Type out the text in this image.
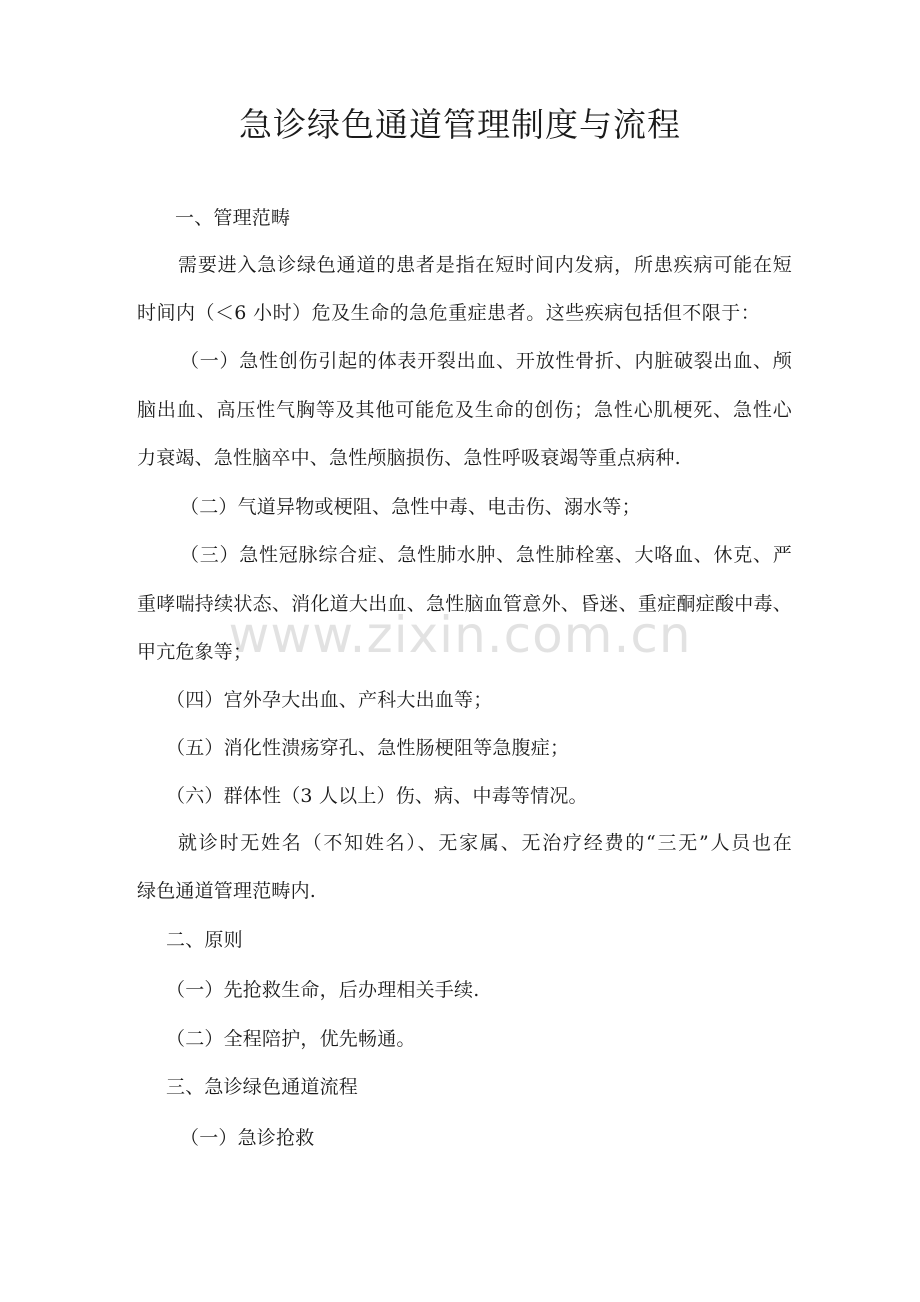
急诊绿色通道管理制度与流程
一、管理范畴
需要进入急诊绿色通道的患者是指在短时间内发病，所患疾病可能在短
时间内（＜6 小时）危及生命的急危重症患者。这些疾病包括但不限于：
（一）急性创伤引起的体表开裂出血、开放性骨折、内脏破裂出血、颅
脑出血、高压性气胸等及其他可能危及生命的创伤；急性心肌梗死、急性心
力衰竭、急性脑卒中、急性颅脑损伤、急性呼吸衰竭等重点病种.
（二）气道异物或梗阻、急性中毒、电击伤、溺水等；
（三）急性冠脉综合症、急性肺水肿、急性肺栓塞、大咯血、休克、严
重哮喘持续状态、消化道大出血、急性脑血管意外、昏迷、重症酮症酸中毒、
甲亢危象等；
（四）宫外孕大出血、产科大出血等；
（五）消化性溃疡穿孔、急性肠梗阻等急腹症；
（六）群体性（3 人以上）伤、病、中毒等情况。
就诊时无姓名（不知姓名）、无家属、无治疗经费的“三无”人员也在
绿色通道管理范畴内.
二、原则
（一）先抢救生命，后办理相关手续.
（二）全程陪护，优先畅通。
三、急诊绿色通道流程
（一）急诊抢救
www.zixin.com.cn
